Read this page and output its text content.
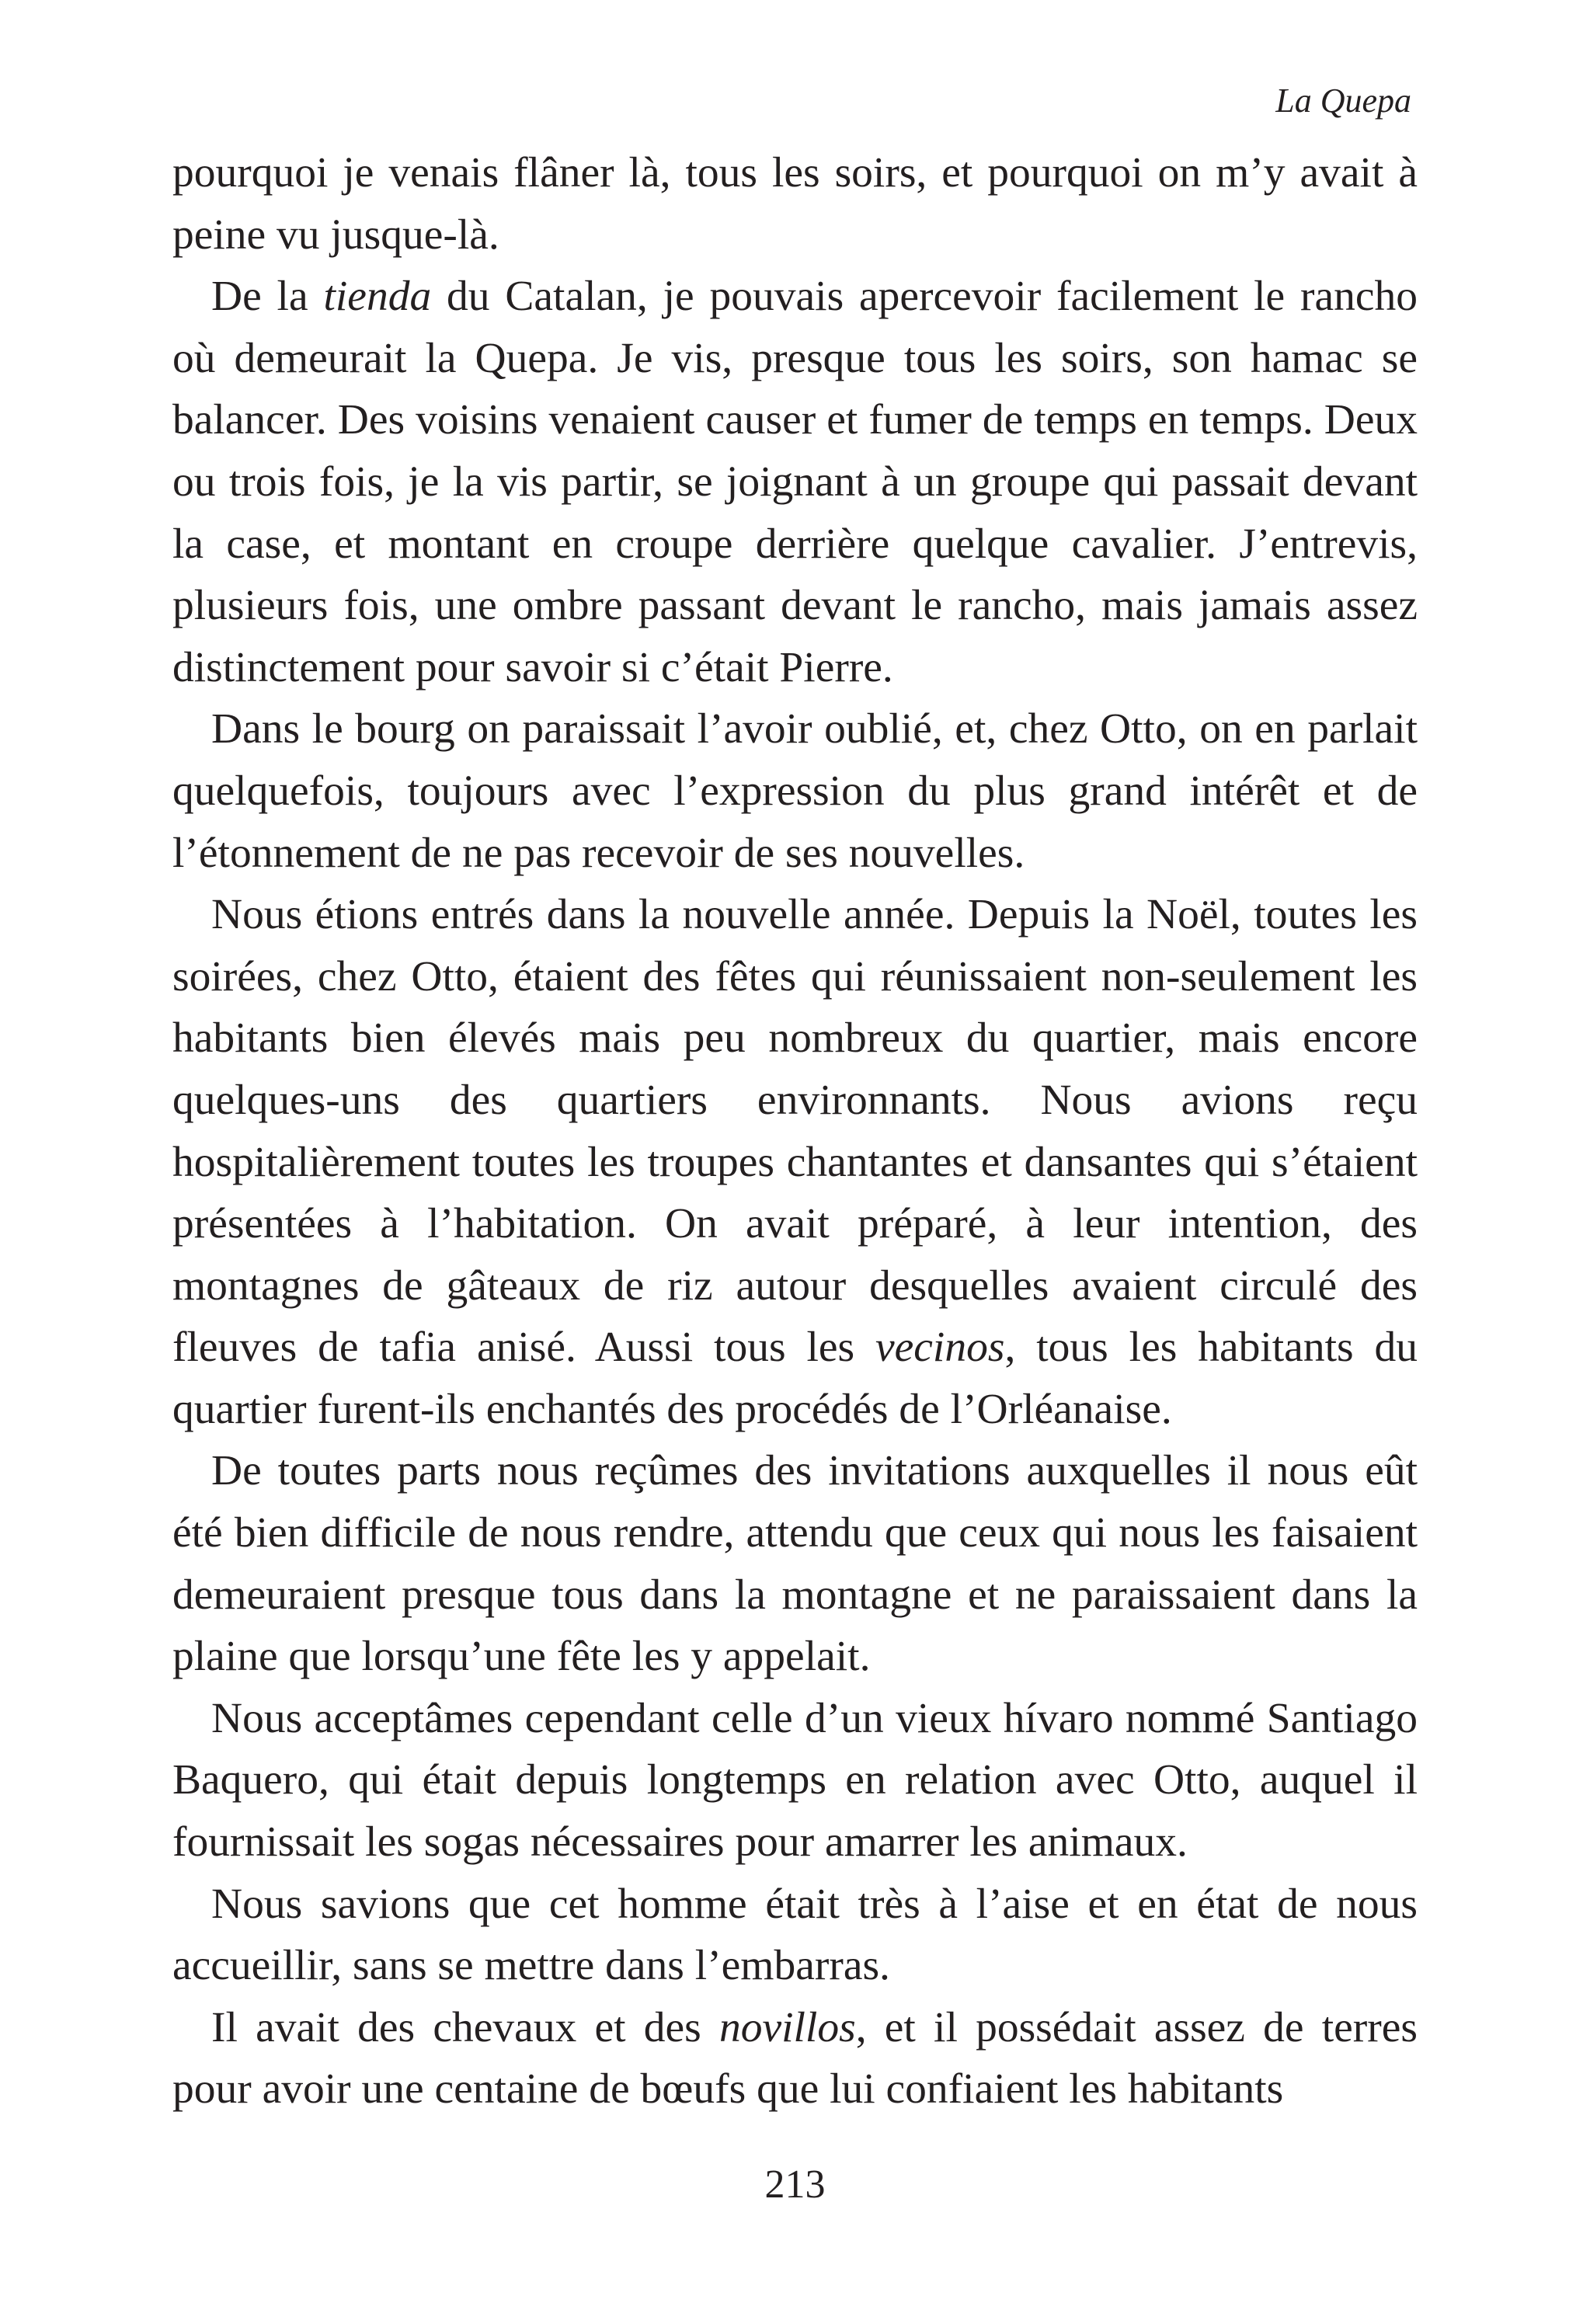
La Quepa

pourquoi je venais flâner là, tous les soirs, et pourquoi on m’y avait à peine vu jusque-là.

De la tienda du Catalan, je pouvais apercevoir facilement le rancho où demeurait la Quepa. Je vis, presque tous les soirs, son hamac se balancer. Des voisins venaient causer et fumer de temps en temps. Deux ou trois fois, je la vis partir, se joignant à un groupe qui passait devant la case, et montant en croupe derrière quelque cavalier. J’entrevis, plusieurs fois, une ombre passant devant le rancho, mais jamais assez distinctement pour savoir si c’était Pierre.

Dans le bourg on paraissait l’avoir oublié, et, chez Otto, on en parlait quelquefois, toujours avec l’expression du plus grand intérêt et de l’étonnement de ne pas recevoir de ses nouvelles.

Nous étions entrés dans la nouvelle année. Depuis la Noël, toutes les soirées, chez Otto, étaient des fêtes qui réunissaient non-seulement les habitants bien élevés mais peu nombreux du quartier, mais encore quelques-uns des quartiers environnants. Nous avions reçu hospitalièrement toutes les troupes chantantes et dansantes qui s’étaient présentées à l’habitation. On avait préparé, à leur intention, des montagnes de gâteaux de riz autour desquelles avaient circulé des fleuves de tafia anisé. Aussi tous les vecinos, tous les habitants du quartier furent-ils enchantés des procédés de l’Orléanaise.

De toutes parts nous reçûmes des invitations auxquelles il nous eût été bien difficile de nous rendre, attendu que ceux qui nous les faisaient demeuraient presque tous dans la montagne et ne paraissaient dans la plaine que lorsqu’une fête les y appelait.

Nous acceptâmes cependant celle d’un vieux hívaro nommé Santiago Baquero, qui était depuis longtemps en relation avec Otto, auquel il fournissait les sogas nécessaires pour amarrer les animaux.

Nous savions que cet homme était très à l’aise et en état de nous accueillir, sans se mettre dans l’embarras.

Il avait des chevaux et des novillos, et il possédait assez de terres pour avoir une centaine de bœufs que lui confiaient les habitants

213
